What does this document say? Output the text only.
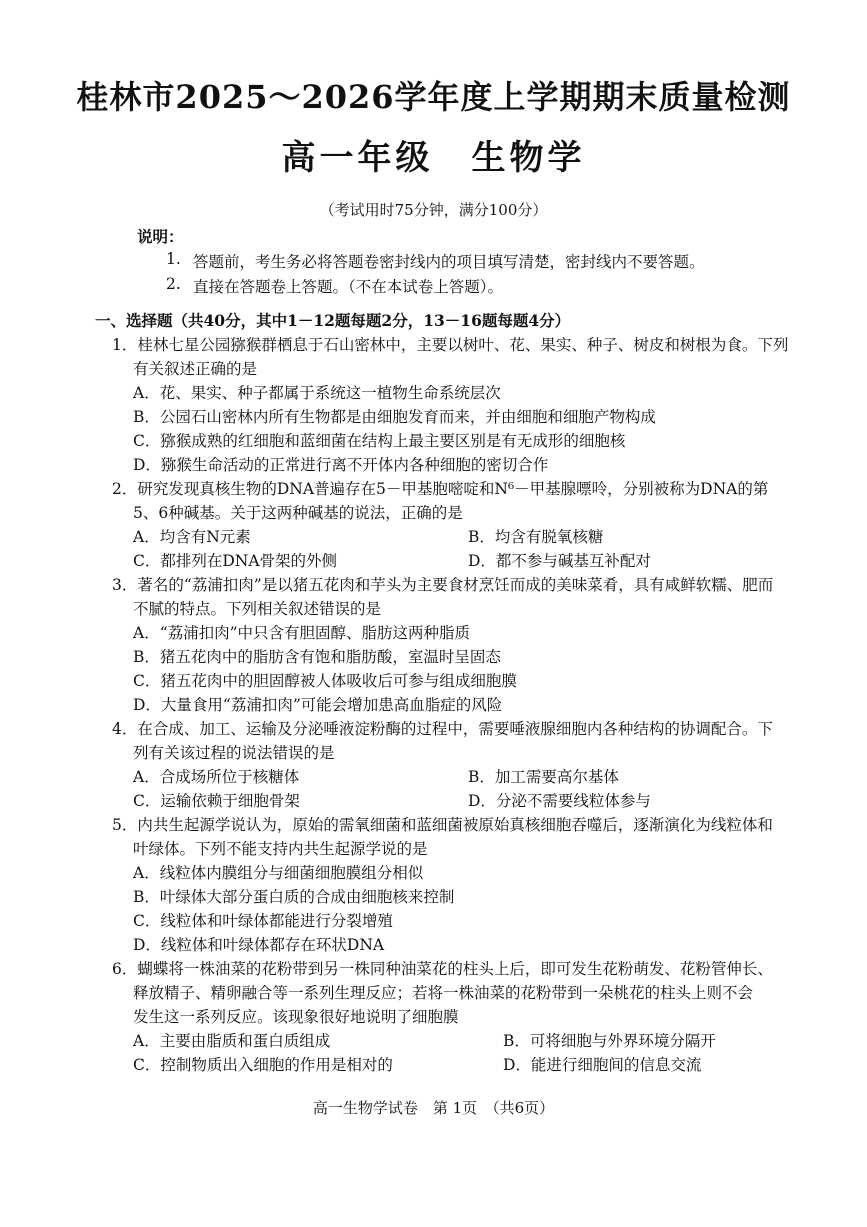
桂林市2025～2026学年度上学期期末质量检测
高一年级　生物学
（考试用时75分钟，满分100分）
说明：
1. 答题前，考生务必将答题卷密封线内的项目填写清楚，密封线内不要答题。
2. 直接在答题卷上答题。（不在本试卷上答题）。
一、选择题（共40分，其中1－12题每题2分，13－16题每题4分）
1．桂林七星公园猕猴群栖息于石山密林中，主要以树叶、花、果实、种子、树皮和树根为食。下列
有关叙述正确的是
A．花、果实、种子都属于系统这一植物生命系统层次
B．公园石山密林内所有生物都是由细胞发育而来，并由细胞和细胞产物构成
C．猕猴成熟的红细胞和蓝细菌在结构上最主要区别是有无成形的细胞核
D．猕猴生命活动的正常进行离不开体内各种细胞的密切合作
2．研究发现真核生物的DNA普遍存在5－甲基胞嘧啶和N⁶－甲基腺嘌呤，分别被称为DNA的第
5、6种碱基。关于这两种碱基的说法，正确的是
A．均含有N元素	B．均含有脱氧核糖
C．都排列在DNA骨架的外侧	D．都不参与碱基互补配对
3．著名的“荔浦扣肉”是以猪五花肉和芋头为主要食材烹饪而成的美味菜肴，具有咸鲜软糯、肥而
不腻的特点。下列相关叙述错误的是
A．“荔浦扣肉”中只含有胆固醇、脂肪这两种脂质
B．猪五花肉中的脂肪含有饱和脂肪酸，室温时呈固态
C．猪五花肉中的胆固醇被人体吸收后可参与组成细胞膜
D．大量食用“荔浦扣肉”可能会增加患高血脂症的风险
4．在合成、加工、运输及分泌唾液淀粉酶的过程中，需要唾液腺细胞内各种结构的协调配合。下
列有关该过程的说法错误的是
A．合成场所位于核糖体	B．加工需要高尔基体
C．运输依赖于细胞骨架	D．分泌不需要线粒体参与
5．内共生起源学说认为，原始的需氧细菌和蓝细菌被原始真核细胞吞噬后，逐渐演化为线粒体和
叶绿体。下列不能支持内共生起源学说的是
A．线粒体内膜组分与细菌细胞膜组分相似
B．叶绿体大部分蛋白质的合成由细胞核来控制
C．线粒体和叶绿体都能进行分裂增殖
D．线粒体和叶绿体都存在环状DNA
6．蝴蝶将一株油菜的花粉带到另一株同种油菜花的柱头上后，即可发生花粉萌发、花粉管伸长、
释放精子、精卵融合等一系列生理反应；若将一株油菜的花粉带到一朵桃花的柱头上则不会
发生这一系列反应。该现象很好地说明了细胞膜
A．主要由脂质和蛋白质组成	B．可将细胞与外界环境分隔开
C．控制物质出入细胞的作用是相对的	D．能进行细胞间的信息交流
高一生物学试卷　第 1页　（共6页）
